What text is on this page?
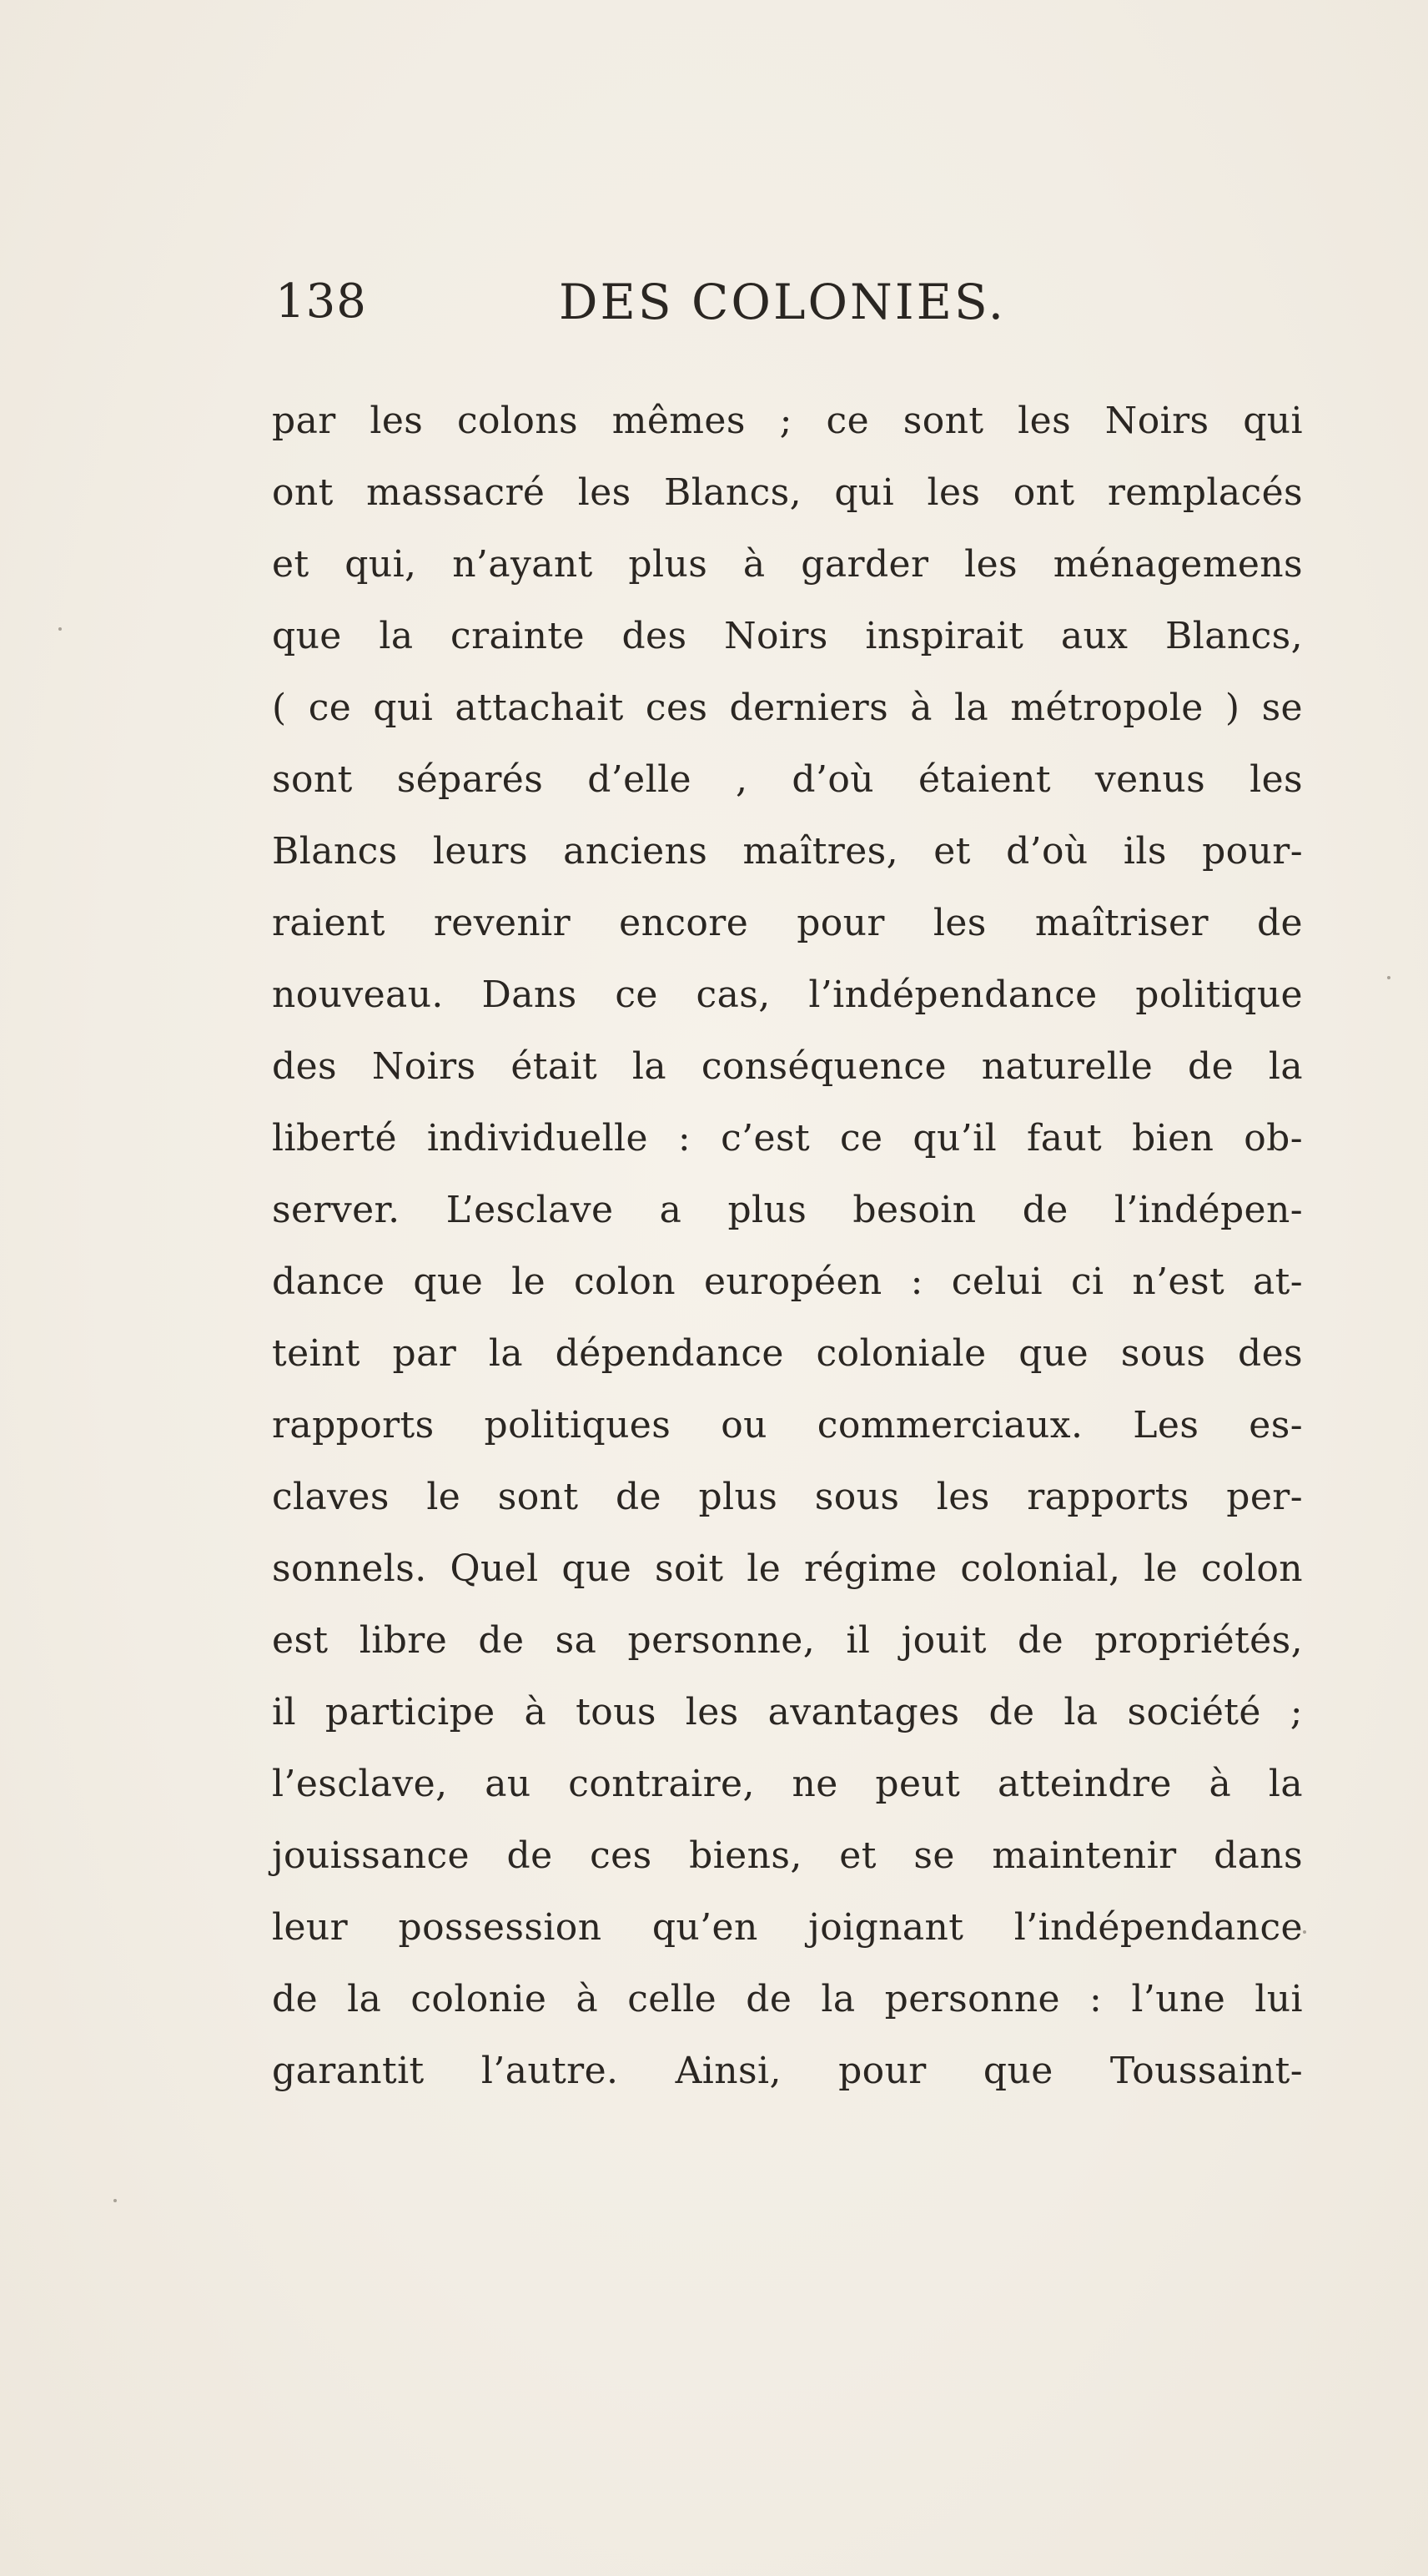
138	DES COLONIES.
par les colons mêmes ; ce sont les Noirs qui
ont massacré les Blancs, qui les ont remplacés
et qui, n’ayant plus à garder les ménagemens
que la crainte des Noirs inspirait aux Blancs,
( ce qui attachait ces derniers à la métropole ) se
sont séparés d’elle , d’où étaient venus les
Blancs leurs anciens maîtres, et d’où ils pour-
raient revenir encore pour les maîtriser de
nouveau. Dans ce cas, l’indépendance politique
des Noirs était la conséquence naturelle de la
liberté individuelle : c’est ce qu’il faut bien ob-
server. L’esclave a plus besoin de l’indépen-
dance que le colon européen : celui ci n’est at-
teint par la dépendance coloniale que sous des
rapports politiques ou commerciaux. Les es-
claves le sont de plus sous les rapports per-
sonnels. Quel que soit le régime colonial, le colon
est libre de sa personne, il jouit de propriétés,
il participe à tous les avantages de la société ;
l’esclave, au contraire, ne peut atteindre à la
jouissance de ces biens, et se maintenir dans
leur possession qu’en joignant l’indépendance
de la colonie à celle de la personne : l’une lui
garantit l’autre. Ainsi, pour que Toussaint-
